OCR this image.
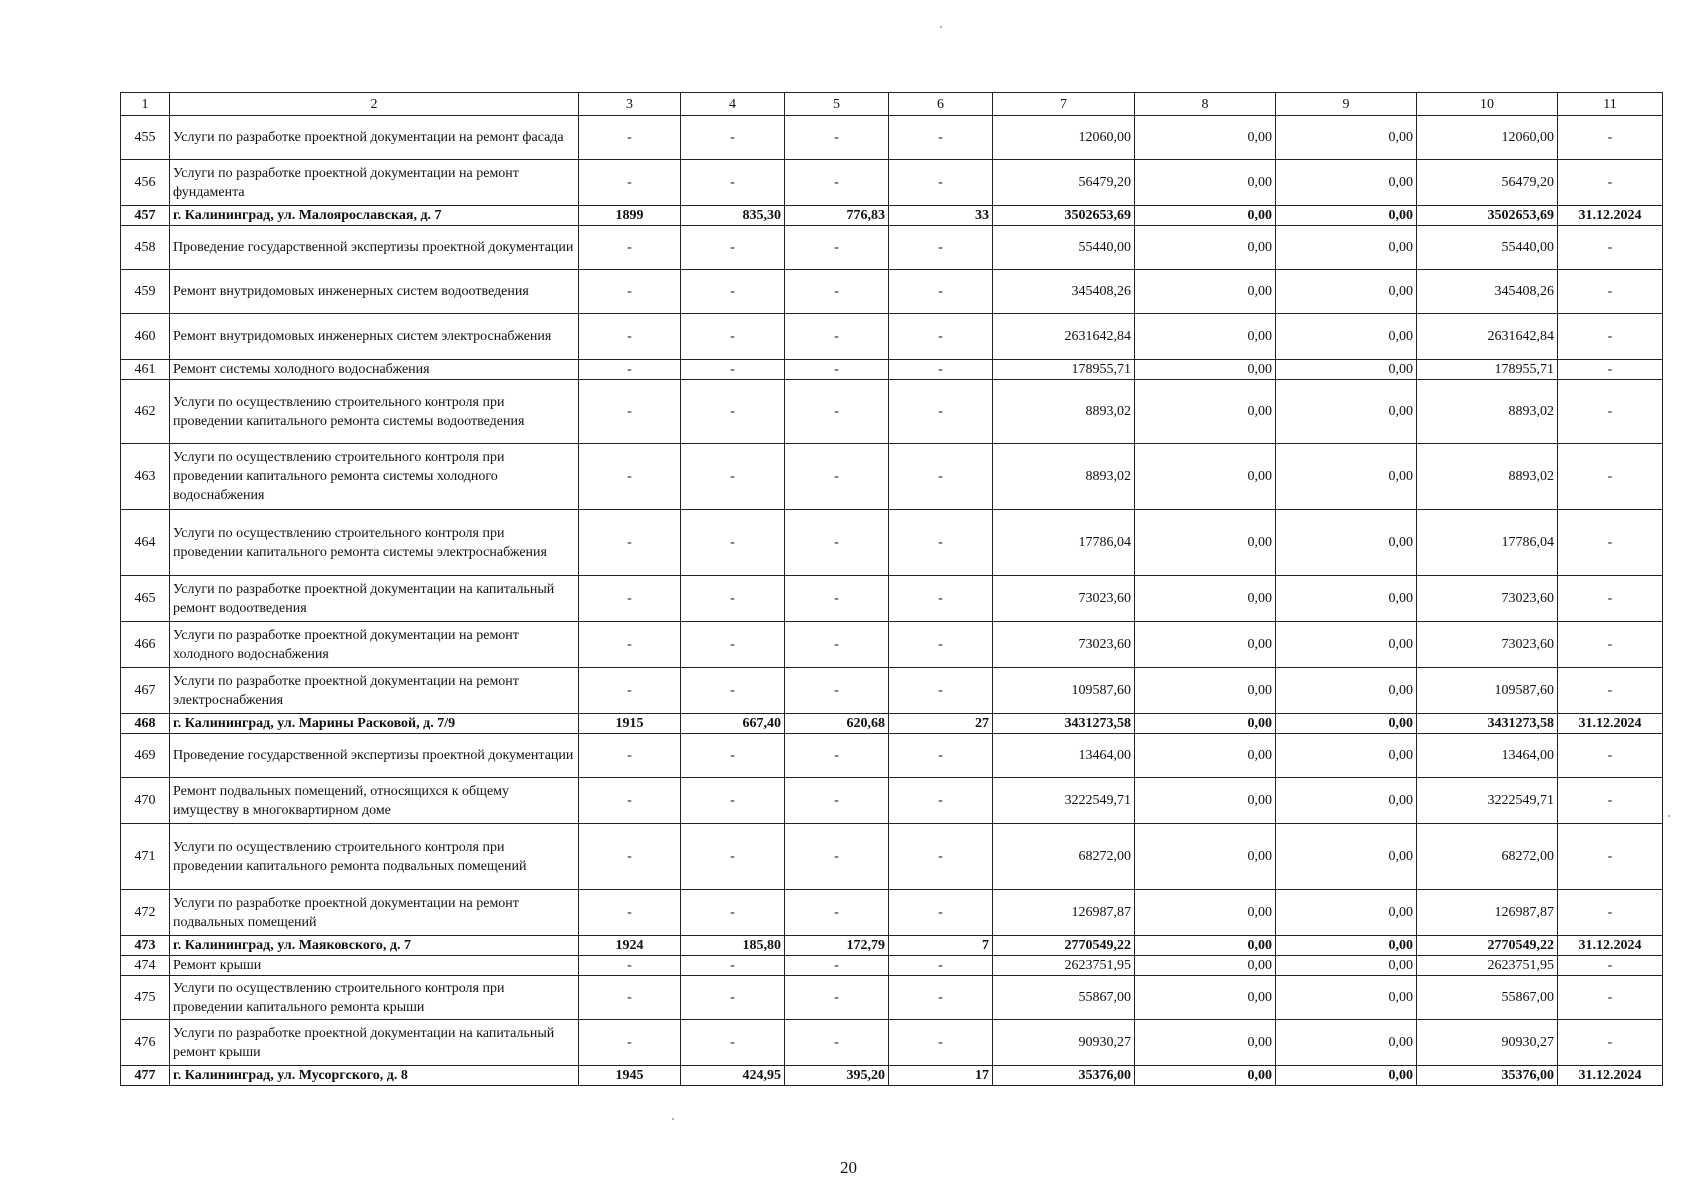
1	2	3	4	5	6	7	8	9	10	11
455	Услуги по разработке проектной документации на ремонт фасада	-	-	-	-	12060,00	0,00	0,00	12060,00	-
456	Услуги по разработке проектной документации на ремонт фундамента	-	-	-	-	56479,20	0,00	0,00	56479,20	-
457	г. Калининград, ул. Малоярославская, д. 7	1899	835,30	776,83	33	3502653,69	0,00	0,00	3502653,69	31.12.2024
458	Проведение государственной экспертизы проектной документации	-	-	-	-	55440,00	0,00	0,00	55440,00	-
459	Ремонт внутридомовых инженерных систем водоотведения	-	-	-	-	345408,26	0,00	0,00	345408,26	-
460	Ремонт внутридомовых инженерных систем электроснабжения	-	-	-	-	2631642,84	0,00	0,00	2631642,84	-
461	Ремонт системы холодного водоснабжения	-	-	-	-	178955,71	0,00	0,00	178955,71	-
462	Услуги по осуществлению строительного контроля при проведении капитального ремонта системы водоотведения	-	-	-	-	8893,02	0,00	0,00	8893,02	-
463	Услуги по осуществлению строительного контроля при проведении капитального ремонта системы холодного водоснабжения	-	-	-	-	8893,02	0,00	0,00	8893,02	-
464	Услуги по осуществлению строительного контроля при проведении капитального ремонта системы электроснабжения	-	-	-	-	17786,04	0,00	0,00	17786,04	-
465	Услуги по разработке проектной документации на капитальный ремонт водоотведения	-	-	-	-	73023,60	0,00	0,00	73023,60	-
466	Услуги по разработке проектной документации на ремонт холодного водоснабжения	-	-	-	-	73023,60	0,00	0,00	73023,60	-
467	Услуги по разработке проектной документации на ремонт электроснабжения	-	-	-	-	109587,60	0,00	0,00	109587,60	-
468	г. Калининград, ул. Марины Расковой, д. 7/9	1915	667,40	620,68	27	3431273,58	0,00	0,00	3431273,58	31.12.2024
469	Проведение государственной экспертизы проектной документации	-	-	-	-	13464,00	0,00	0,00	13464,00	-
470	Ремонт подвальных помещений, относящихся к общему имуществу в многоквартирном доме	-	-	-	-	3222549,71	0,00	0,00	3222549,71	-
471	Услуги по осуществлению строительного контроля при проведении капитального ремонта подвальных помещений	-	-	-	-	68272,00	0,00	0,00	68272,00	-
472	Услуги по разработке проектной документации на ремонт подвальных помещений	-	-	-	-	126987,87	0,00	0,00	126987,87	-
473	г. Калининград, ул. Маяковского, д. 7	1924	185,80	172,79	7	2770549,22	0,00	0,00	2770549,22	31.12.2024
474	Ремонт крыши	-	-	-	-	2623751,95	0,00	0,00	2623751,95	-
475	Услуги по осуществлению строительного контроля при проведении капитального ремонта крыши	-	-	-	-	55867,00	0,00	0,00	55867,00	-
476	Услуги по разработке проектной документации на капитальный ремонт крыши	-	-	-	-	90930,27	0,00	0,00	90930,27	-
477	г. Калининград, ул. Мусоргского, д. 8	1945	424,95	395,20	17	35376,00	0,00	0,00	35376,00	31.12.2024
20
